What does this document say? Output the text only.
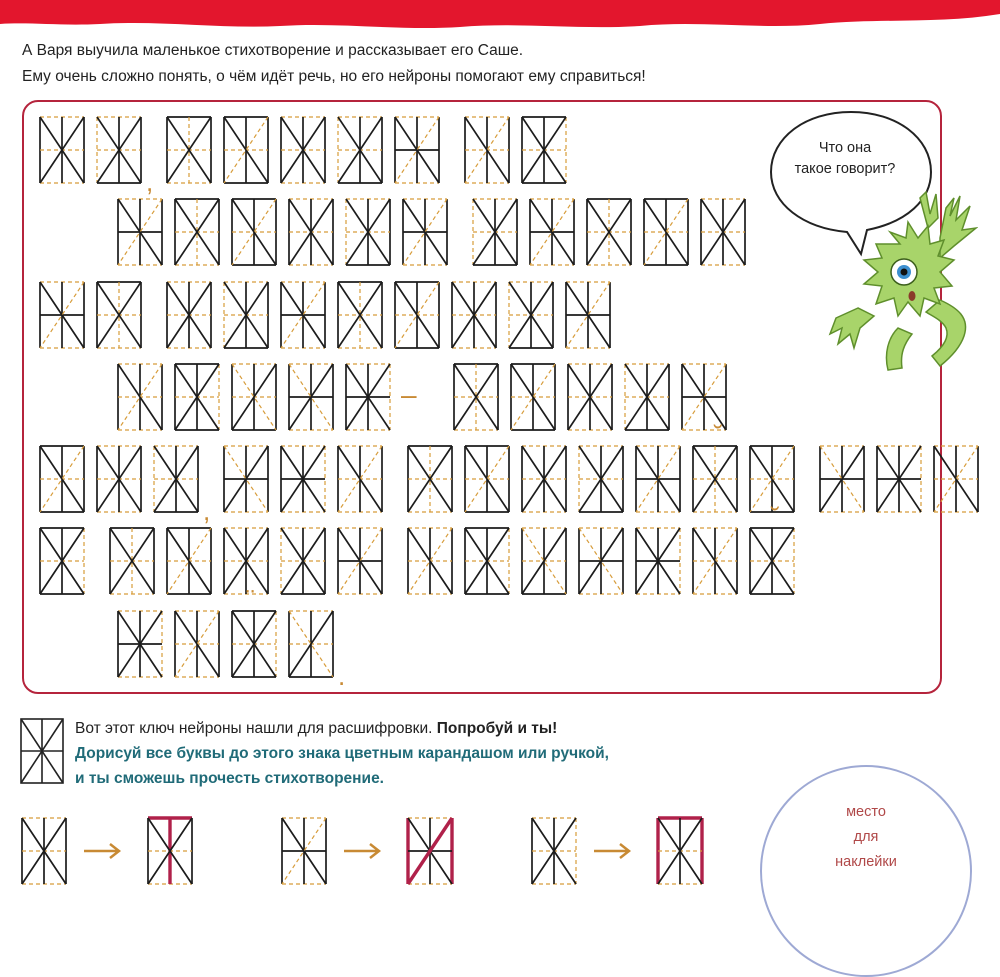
А Варя выучила маленькое стихотворение и рассказывает его Саше.
Ему очень сложно понять, о чём идёт речь, но его нейроны помогают ему справиться!
,
–
,
.
˘
˘
¨
Что она
такое говорит?
Вот этот ключ нейроны нашли для расшифровки. Попробуй и ты!
Дорисуй все буквы до этого знака цветным карандашом или ручкой,
и ты сможешь прочесть стихотворение.
место
для
наклейки
